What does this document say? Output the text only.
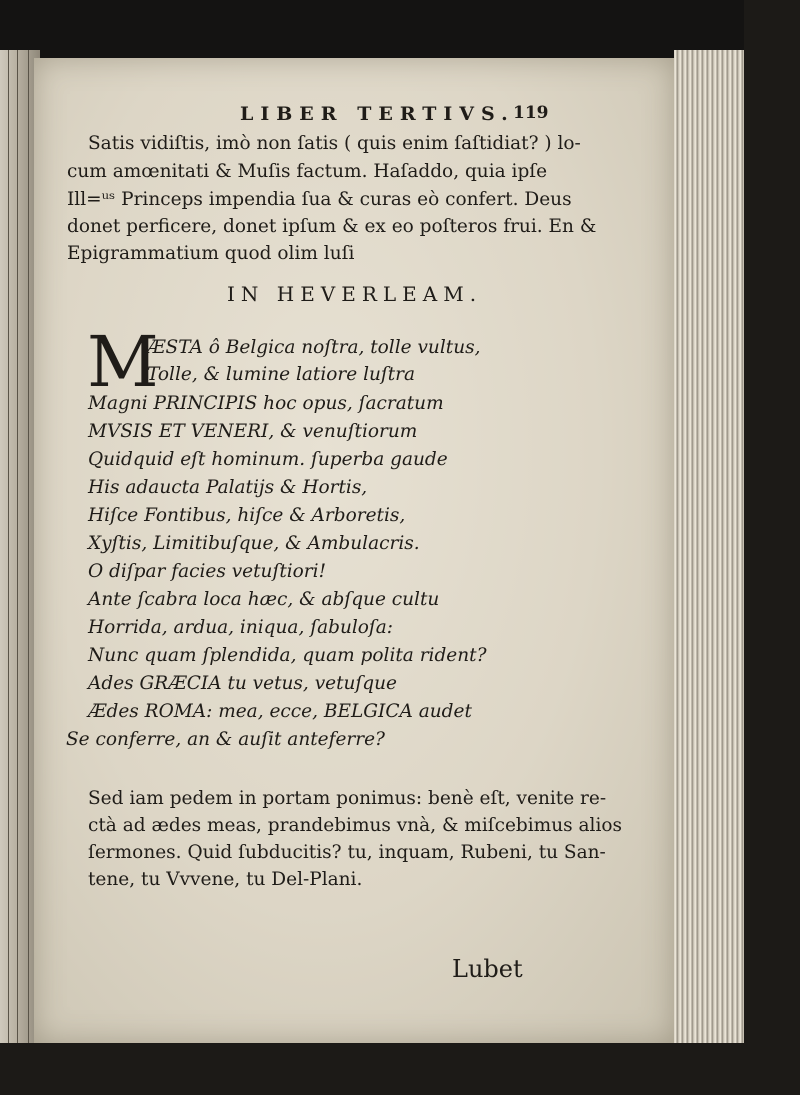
LIBER TERTIVS.
119
Satis vidiſtis, imò non ſatis ( quis enim ſaſtidiat? ) lo-
cum amœnitati & Muſis factum. Haſaddo, quia ipſe
Ill=ᵘˢ Princeps impendia ſua & curas eò confert. Deus
donet perficere, donet ipſum & ex eo poſteros frui. En &
Epigrammatium quod olim luſi
IN HEVERLEAM.
M
ÆSTA ô Belgica noſtra, tolle vultus,
Tolle, & lumine latiore luſtra
Magni PRINCIPIS hoc opus, ſacratum
MVSIS ET VENERI, & venuſtiorum
Quidquid eſt hominum. ſuperba gaude
His adaucta Palatijs & Hortis,
Hiſce Fontibus, hiſce & Arboretis,
Xyſtis, Limitibuſque, & Ambulacris.
O diſpar facies vetuſtiori!
Ante ſcabra loca hæc, & abſque cultu
Horrida, ardua, iniqua, ſabuloſa:
Nunc quam ſplendida, quam polita rident?
Ades GRÆCIA tu vetus, vetuſque
Ædes ROMA: mea, ecce, BELGICA audet
Se conferre, an & auſit anteferre?
Sed iam pedem in portam ponimus: benè eſt, venite re-
ctà ad ædes meas, prandebimus vnà, & miſcebimus alios
ſermones. Quid ſubducitis? tu, inquam, Rubeni, tu San-
tene, tu Vvvene, tu Del-Plani.
Lubet
